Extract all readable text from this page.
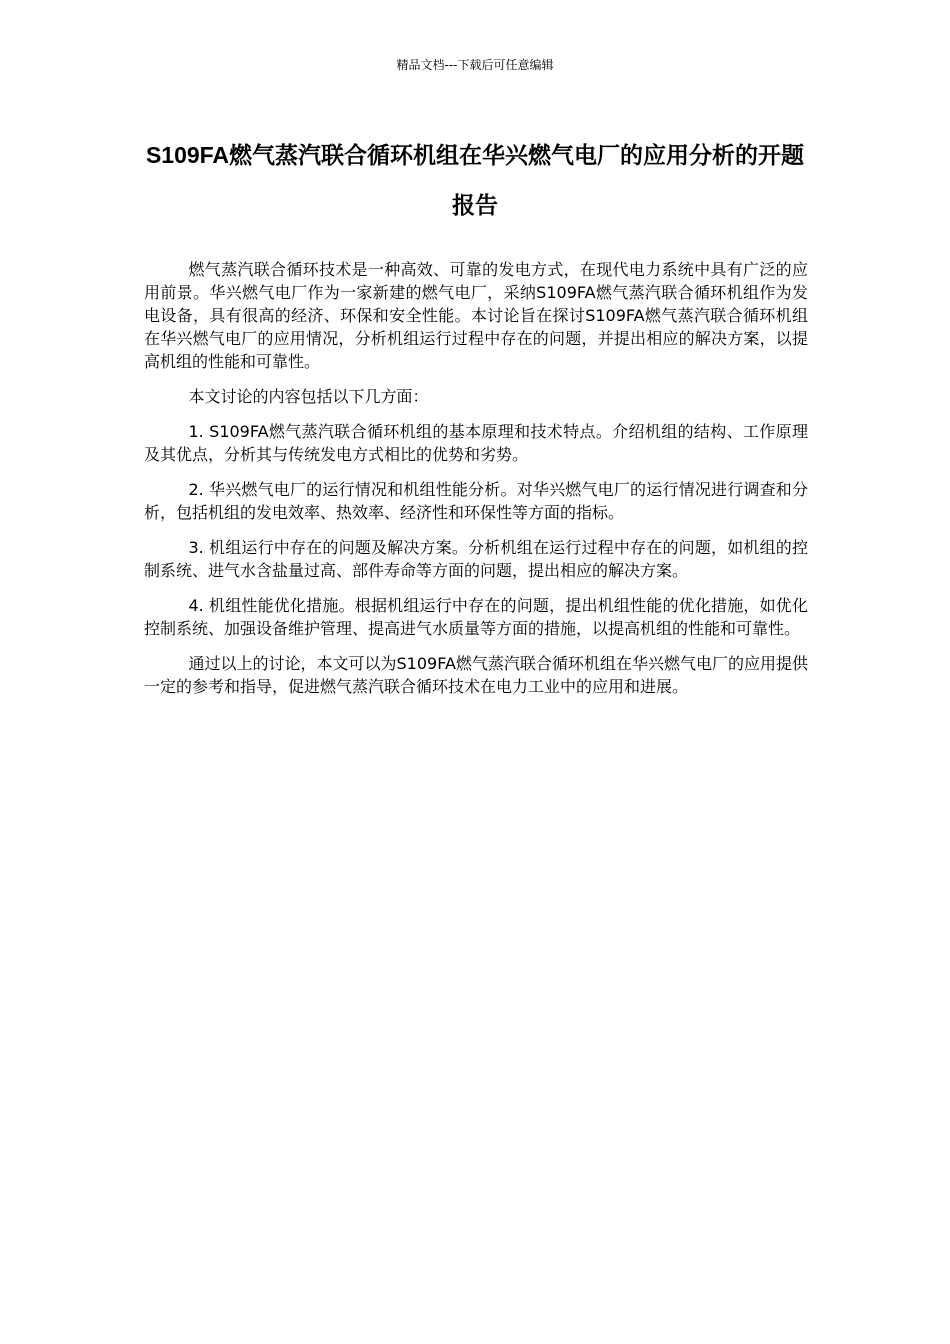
精品文档---下载后可任意编辑
S109FA燃气蒸汽联合循环机组在华兴燃气电厂的应用分析的开题报告

燃气蒸汽联合循环技术是一种高效、可靠的发电方式，在现代电力系统中具有广泛的应用前景。华兴燃气电厂作为一家新建的燃气电厂，采纳S109FA燃气蒸汽联合循环机组作为发电设备，具有很高的经济、环保和安全性能。本讨论旨在探讨S109FA燃气蒸汽联合循环机组在华兴燃气电厂的应用情况，分析机组运行过程中存在的问题，并提出相应的解决方案，以提高机组的性能和可靠性。

本文讨论的内容包括以下几方面：

1. S109FA燃气蒸汽联合循环机组的基本原理和技术特点。介绍机组的结构、工作原理及其优点，分析其与传统发电方式相比的优势和劣势。

2. 华兴燃气电厂的运行情况和机组性能分析。对华兴燃气电厂的运行情况进行调查和分析，包括机组的发电效率、热效率、经济性和环保性等方面的指标。

3. 机组运行中存在的问题及解决方案。分析机组在运行过程中存在的问题，如机组的控制系统、进气水含盐量过高、部件寿命等方面的问题，提出相应的解决方案。

4. 机组性能优化措施。根据机组运行中存在的问题，提出机组性能的优化措施，如优化控制系统、加强设备维护管理、提高进气水质量等方面的措施，以提高机组的性能和可靠性。

通过以上的讨论，本文可以为S109FA燃气蒸汽联合循环机组在华兴燃气电厂的应用提供一定的参考和指导，促进燃气蒸汽联合循环技术在电力工业中的应用和进展。
